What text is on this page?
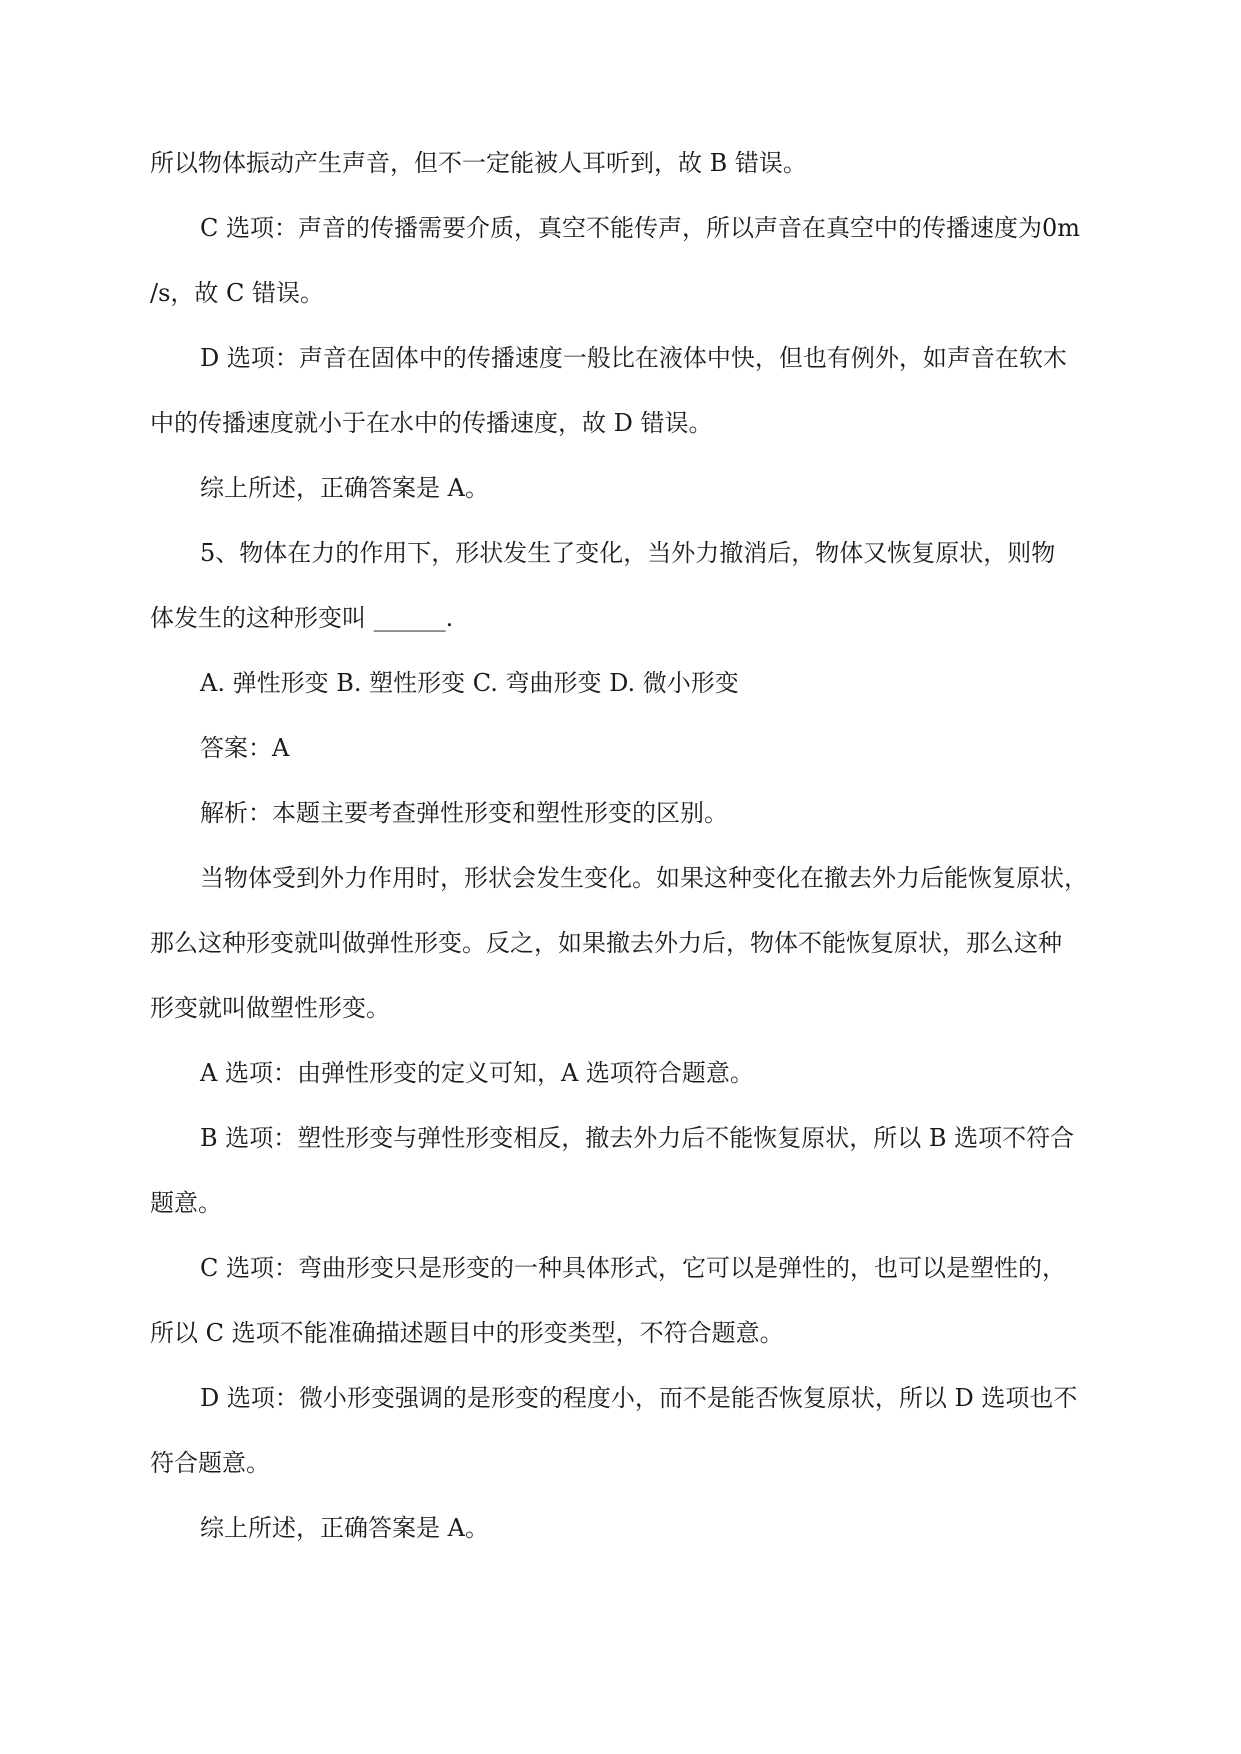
所以物体振动产生声音，但不一定能被人耳听到，故 B 错误。
C 选项：声音的传播需要介质，真空不能传声，所以声音在真空中的传播速度为0m
/s，故 C 错误。
D 选项：声音在固体中的传播速度一般比在液体中快，但也有例外，如声音在软木
中的传播速度就小于在水中的传播速度，故 D 错误。
综上所述，正确答案是 A。
5、物体在力的作用下，形状发生了变化，当外力撤消后，物体又恢复原状，则物
体发生的这种形变叫 ______.
A. 弹性形变 B. 塑性形变 C. 弯曲形变 D. 微小形变
答案：A
解析：本题主要考查弹性形变和塑性形变的区别。
当物体受到外力作用时，形状会发生变化。如果这种变化在撤去外力后能恢复原状，
那么这种形变就叫做弹性形变。反之，如果撤去外力后，物体不能恢复原状，那么这种
形变就叫做塑性形变。
A 选项：由弹性形变的定义可知，A 选项符合题意。
B 选项：塑性形变与弹性形变相反，撤去外力后不能恢复原状，所以 B 选项不符合
题意。
C 选项：弯曲形变只是形变的一种具体形式，它可以是弹性的，也可以是塑性的，
所以 C 选项不能准确描述题目中的形变类型，不符合题意。
D 选项：微小形变强调的是形变的程度小，而不是能否恢复原状，所以 D 选项也不
符合题意。
综上所述，正确答案是 A。
